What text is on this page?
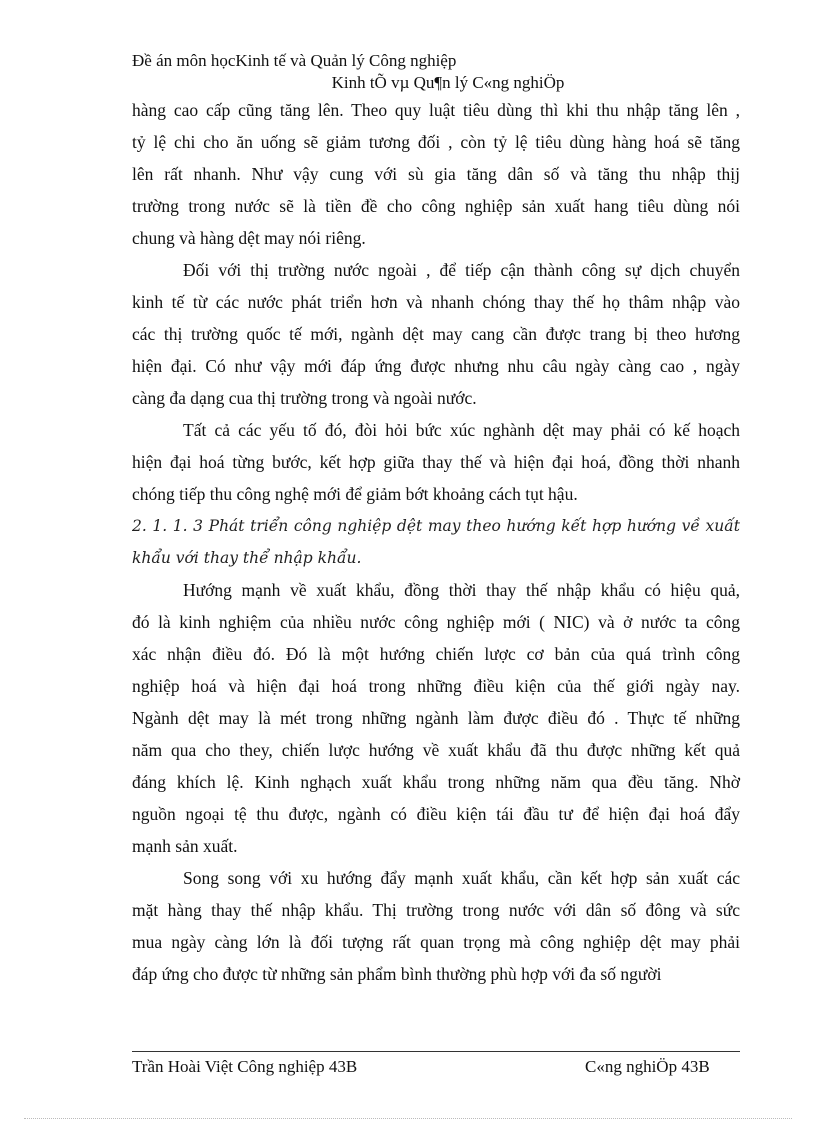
Đề án môn họcKinh tế và Quản lý Công nghiệp
Kinh tÕ vµ Qu¶n lý C«ng nghiÖp
hàng cao cấp cũng tăng lên. Theo quy luật tiêu dùng thì khi thu nhập tăng lên ,
tỷ lệ chi cho ăn uống sẽ giảm tương đối , còn tỷ lệ tiêu dùng hàng hoá sẽ tăng
lên rất nhanh. Như vậy cung với sù gia tăng dân số và tăng thu nhập thịj
trường trong nước sẽ là tiền đề cho công nghiệp sản xuất hang tiêu dùng nói
chung và hàng dệt may nói riêng.
Đối với thị trường nước ngoài , để tiếp cận thành công sự dịch chuyển
kinh tế từ các nước phát triển hơn và nhanh chóng thay thế họ thâm nhập vào
các thị trường quốc tế mới, ngành dệt may cang cần được trang bị theo hương
hiện đại. Có như vậy mới đáp ứng được nhưng nhu câu ngày càng cao , ngày
càng đa dạng cua thị trường trong và ngoài nước.
Tất cả các yếu tố đó, đòi hỏi bức xúc nghành dệt may phải có kế hoạch
hiện đại hoá từng bước, kết hợp giữa thay thế và hiện đại hoá, đồng thời nhanh
chóng tiếp thu công nghệ mới để giảm bớt khoảng cách tụt hậu.
2. 1. 1. 3 Phát triển công nghiệp dệt may theo hướng kết hợp hướng về xuất
khẩu với thay thể nhập khẩu.
Hướng mạnh về xuất khẩu, đồng thời thay thế nhập khẩu có hiệu quả,
đó là kinh nghiệm của nhiều nước công nghiệp mới ( NIC) và ở nước ta công
xác nhận điều đó. Đó là một hướng chiến lược cơ bản của quá trình công
nghiệp hoá và hiện đại hoá trong những điều kiện của thế giới ngày nay.
Ngành dệt may là mét trong những ngành làm được điều đó . Thực tế những
năm qua cho they, chiến lược hướng về xuất khẩu đã thu được những kết quả
đáng khích lệ. Kinh nghạch xuất khẩu trong những năm qua đều tăng. Nhờ
nguồn ngoại tệ thu được, ngành có điều kiện tái đầu tư để hiện đại hoá đẩy
mạnh sản xuất.
Song song với xu hướng đẩy mạnh xuất khẩu, cần kết hợp sản xuất các
mặt hàng thay thế nhập khẩu. Thị trường trong nước với dân số đông và sức
mua ngày càng lớn là đối tượng rất quan trọng mà công nghiệp dệt may phải
đáp ứng cho được từ những sản phẩm bình thường phù hợp với đa số người
Trần Hoài Việt Công nghiệp 43B	C«ng nghiÖp 43B
